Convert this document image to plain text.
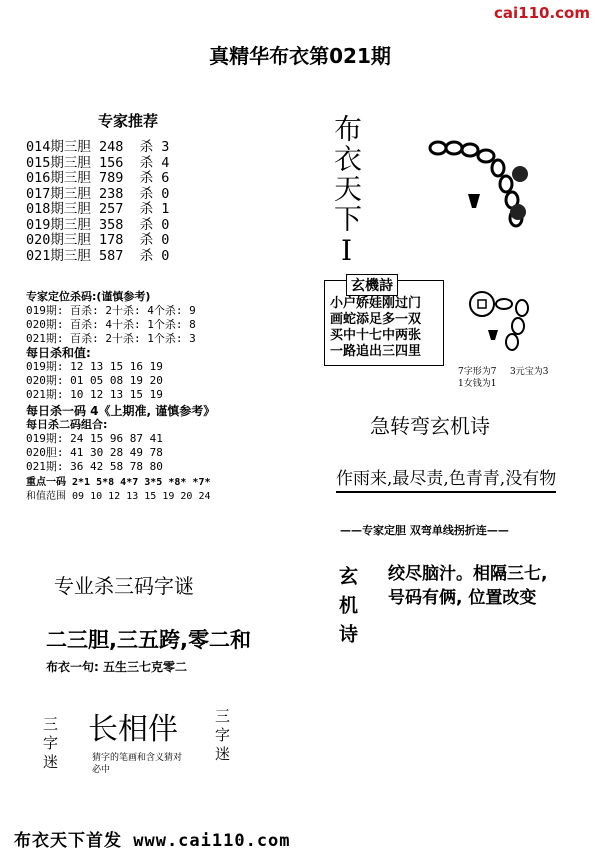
cai110.com
真精华布衣第021期
专家推荐
014期三胆 248  杀 3
015期三胆 156  杀 4
016期三胆 789  杀 6
017期三胆 238  杀 0
018期三胆 257  杀 1
019期三胆 358  杀 0
020期三胆 178  杀 0
021期三胆 587  杀 0
专家定位杀码:(谨慎参考)
019期: 百杀: 2十杀: 4个杀: 9
020期: 百杀: 4十杀: 1个杀: 8
021期: 百杀: 2十杀: 1个杀: 3
每日杀和值:
019期: 12 13 15 16 19
020期: 01 05 08 19 20
021期: 10 12 13 15 19
每日杀一码 4《上期准, 谨慎参考》
每日杀二码组合:
019期: 24 15 96 87 41
020胆: 41 30 28 49 78
021期: 36 42 58 78 80
重点一码 2*1 5*8 4*7 3*5 *8* *7*
和值范围 09 10 12 13 15 19 20 24
专业杀三码字谜
二三胆,三五跨,零二和
布衣一句: 五生三七克零二
三字迷 长相伴
猜字的笔画和含义猜对必中
三字迷
布衣天下I
玄機詩
小户娇娃刚过门
画蛇添足多一双
买中十七中两张
一路追出三四里
7字形为7 3元宝为3
1女钱为1
急转弯玄机诗
作雨来,最尽责,色青青,没有物
——专家定胆 双弯单线拐折连——
玄机诗 绞尽脑汁。相隔三七,
号码有俩, 位置改变
布衣天下首发 www.cai110.com
